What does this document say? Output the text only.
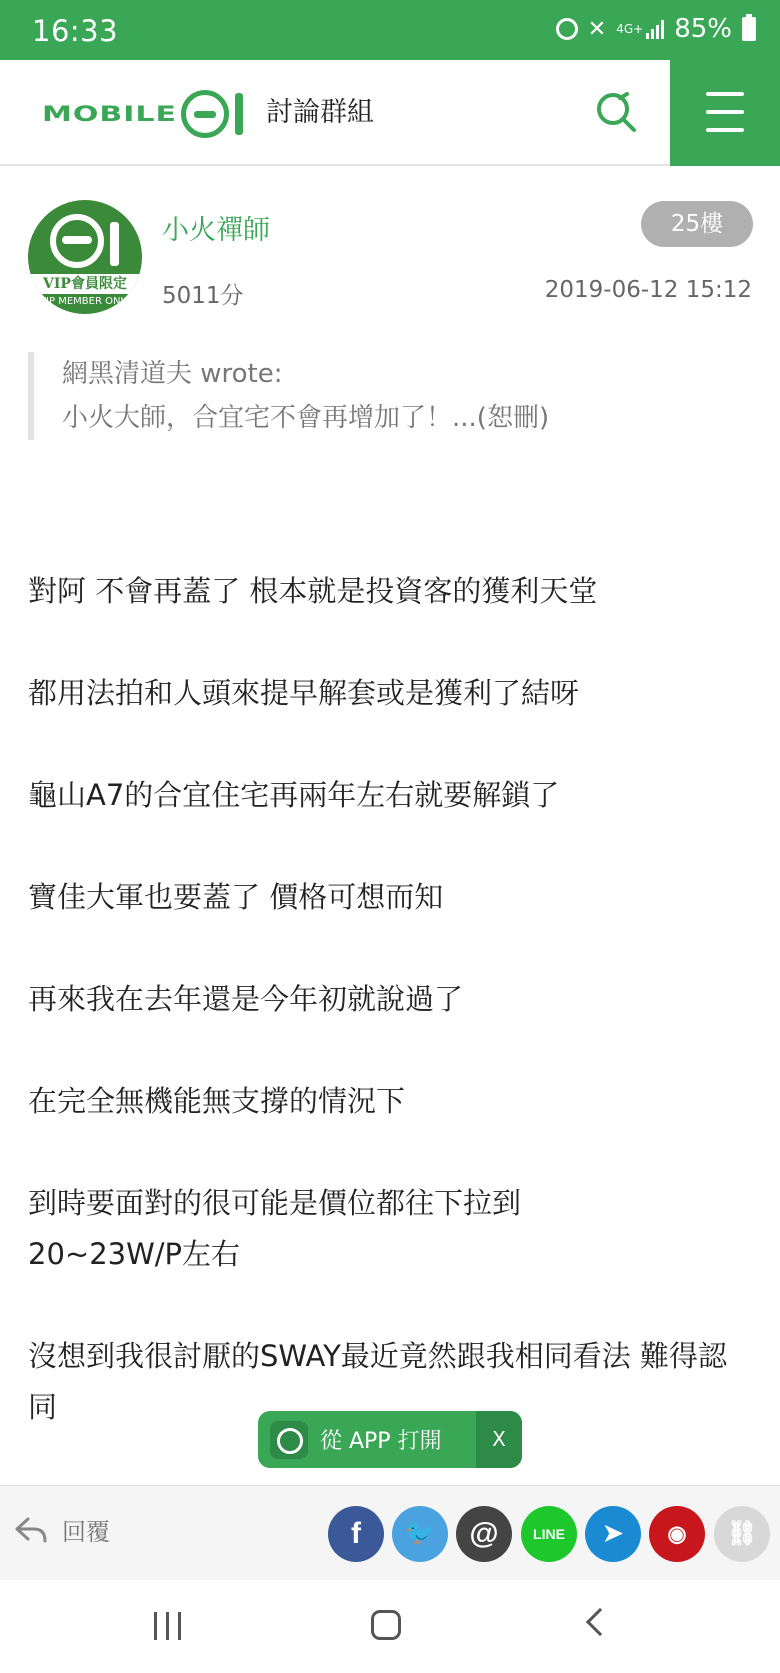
16:33	✕ 4G+ 85%
MOBILE	討論群組
VIP會員限定
VIP MEMBER ONLY
小火禪師
5011分
25樓
2019-06-12 15:12
網黑清道夫 wrote:
小火大師，合宜宅不會再增加了！...(恕刪)

對阿 不會再蓋了 根本就是投資客的獲利天堂

都用法拍和人頭來提早解套或是獲利了結呀

龜山A7的合宜住宅再兩年左右就要解鎖了

寶佳大軍也要蓋了 價格可想而知

再來我在去年還是今年初就說過了

在完全無機能無支撐的情況下

到時要面對的很可能是價位都往下拉到 20~23W/P左右

沒想到我很討厭的SWAY最近竟然跟我相同看法 難得認同

從 APP 打開	X
回覆	f	🐦	@	LINE	➤	◉	⛓
